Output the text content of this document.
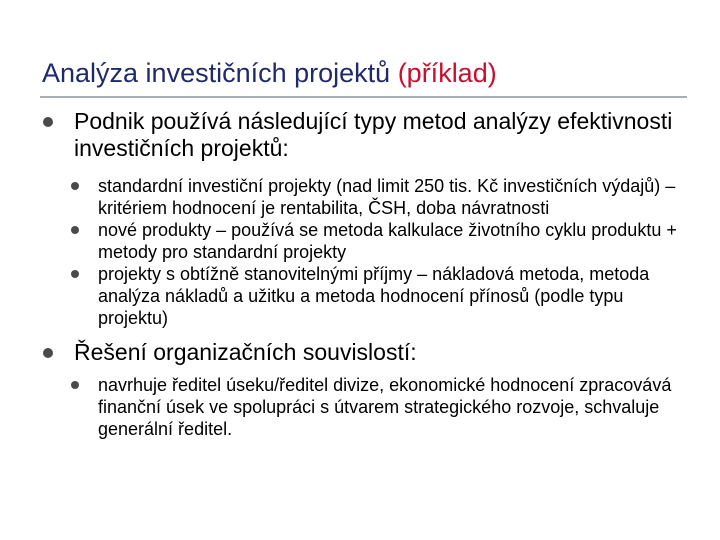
Analýza investičních projektů (příklad)
Podnik používá následující typy metod analýzy efektivnosti investičních projektů:
standardní investiční projekty (nad limit 250 tis. Kč investičních výdajů) – kritériem hodnocení je rentabilita, ČSH, doba návratnosti
nové produkty – používá se metoda kalkulace životního cyklu produktu + metody pro standardní projekty
projekty s obtížně stanovitelnými příjmy – nákladová metoda, metoda analýza nákladů a užitku a metoda hodnocení přínosů (podle typu projektu)
Řešení organizačních souvislostí:
navrhuje ředitel úseku/ředitel divize, ekonomické hodnocení zpracovává finanční úsek ve spolupráci s útvarem strategického rozvoje, schvaluje generální ředitel.
